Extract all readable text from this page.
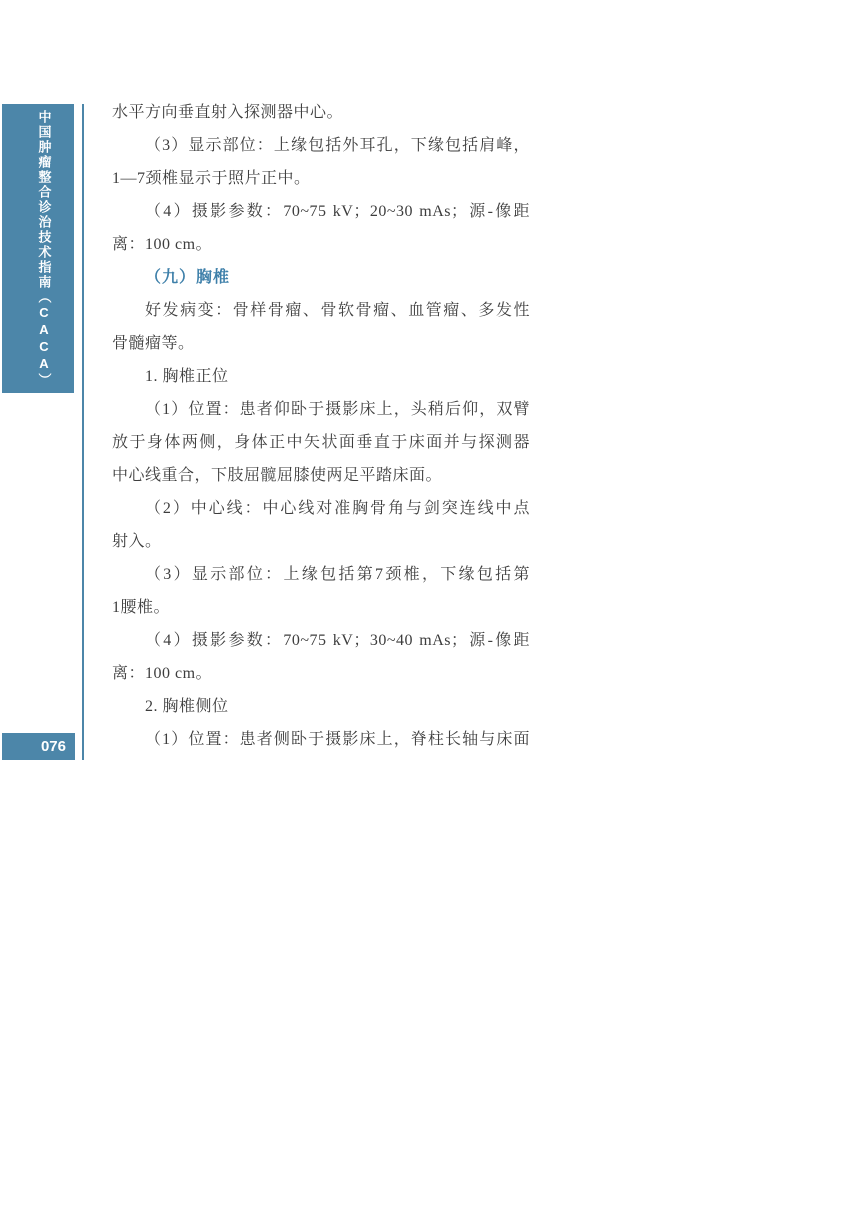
中国肿瘤整合诊治技术指南（CACA）
076
水平方向垂直射入探测器中心。
（3）显示部位：上缘包括外耳孔，下缘包括肩峰，
1—7颈椎显示于照片正中。
（4）摄影参数：70~75 kV；20~30 mAs；源-像距
离：100 cm。
（九）胸椎
好发病变：骨样骨瘤、骨软骨瘤、血管瘤、多发性
骨髓瘤等。
1. 胸椎正位
（1）位置：患者仰卧于摄影床上，头稍后仰，双臂
放于身体两侧，身体正中矢状面垂直于床面并与探测器
中心线重合，下肢屈髋屈膝使两足平踏床面。
（2）中心线：中心线对准胸骨角与剑突连线中点
射入。
（3）显示部位：上缘包括第7颈椎，下缘包括第
1腰椎。
（4）摄影参数：70~75 kV；30~40 mAs；源-像距
离：100 cm。
2. 胸椎侧位
（1）位置：患者侧卧于摄影床上，脊柱长轴与床面
